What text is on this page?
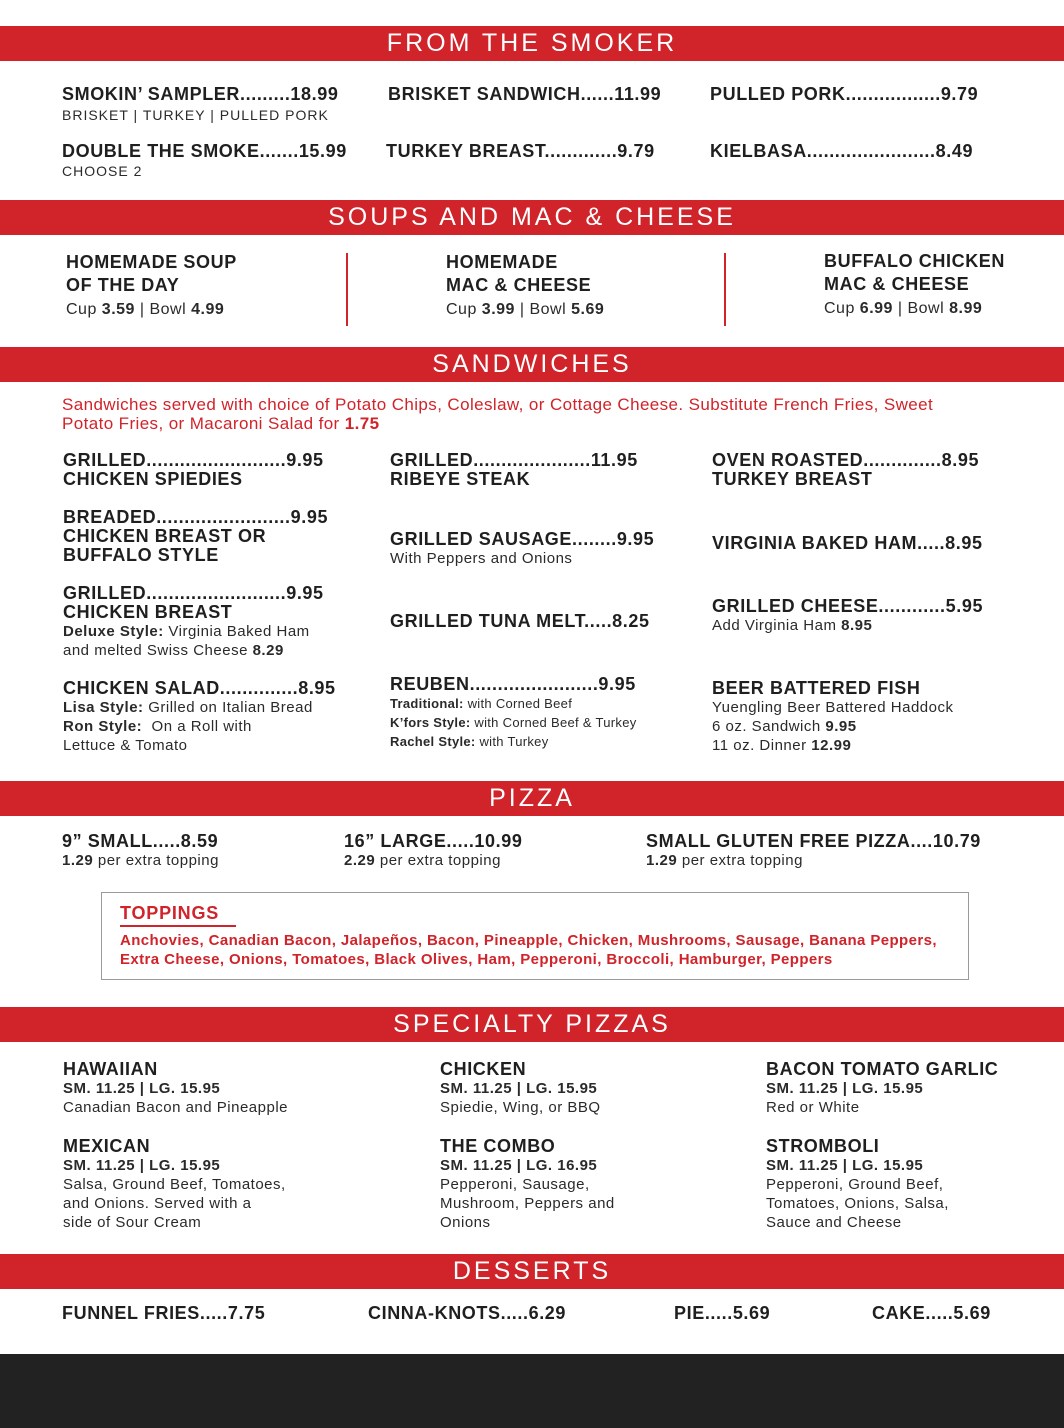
FROM THE SMOKER
SMOKIN’ SAMPLER.........18.99
BRISKET | TURKEY | PULLED PORK
BRISKET SANDWICH......11.99	PULLED PORK.................9.79
DOUBLE THE SMOKE.......15.99
CHOOSE 2
TURKEY BREAST.............9.79	KIELBASA.......................8.49
SOUPS AND MAC & CHEESE
HOMEMADE SOUP
OF THE DAY
Cup 3.59 | Bowl 4.99
HOMEMADE
MAC & CHEESE
Cup 3.99 | Bowl 5.69
BUFFALO CHICKEN
MAC & CHEESE
Cup 6.99 | Bowl 8.99
SANDWICHES
Sandwiches served with choice of Potato Chips, Coleslaw, or Cottage Cheese. Substitute French Fries, Sweet
Potato Fries, or Macaroni Salad for 1.75
GRILLED.........................9.95
CHICKEN SPIEDIES
BREADED........................9.95
CHICKEN BREAST OR
BUFFALO STYLE
GRILLED.........................9.95
CHICKEN BREAST
Deluxe Style: Virginia Baked Ham
and melted Swiss Cheese 8.29
CHICKEN SALAD..............8.95
Lisa Style: Grilled on Italian Bread
Ron Style:  On a Roll with
Lettuce & Tomato
GRILLED.....................11.95
RIBEYE STEAK
GRILLED SAUSAGE........9.95
With Peppers and Onions
GRILLED TUNA MELT.....8.25
REUBEN.......................9.95
Traditional: with Corned Beef
K’fors Style: with Corned Beef & Turkey
Rachel Style: with Turkey
OVEN ROASTED..............8.95
TURKEY BREAST
VIRGINIA BAKED HAM.....8.95
GRILLED CHEESE............5.95
Add Virginia Ham 8.95
BEER BATTERED FISH
Yuengling Beer Battered Haddock
6 oz. Sandwich 9.95
11 oz. Dinner 12.99
PIZZA
9” SMALL.....8.59
1.29 per extra topping
16” LARGE.....10.99
2.29 per extra topping
SMALL GLUTEN FREE PIZZA....10.79
1.29 per extra topping
TOPPINGS
Anchovies, Canadian Bacon, Jalapeños, Bacon, Pineapple, Chicken, Mushrooms, Sausage, Banana Peppers,
Extra Cheese, Onions, Tomatoes, Black Olives, Ham, Pepperoni, Broccoli, Hamburger, Peppers
SPECIALTY PIZZAS
HAWAIIAN
SM. 11.25 | LG. 15.95
Canadian Bacon and Pineapple
CHICKEN
SM. 11.25 | LG. 15.95
Spiedie, Wing, or BBQ
BACON TOMATO GARLIC
SM. 11.25 | LG. 15.95
Red or White
MEXICAN
SM. 11.25 | LG. 15.95
Salsa, Ground Beef, Tomatoes,
and Onions. Served with a
side of Sour Cream
THE COMBO
SM. 11.25 | LG. 16.95
Pepperoni, Sausage,
Mushroom, Peppers and
Onions
STROMBOLI
SM. 11.25 | LG. 15.95
Pepperoni, Ground Beef,
Tomatoes, Onions, Salsa,
Sauce and Cheese
DESSERTS
FUNNEL FRIES.....7.75	CINNA-KNOTS.....6.29	PIE.....5.69	CAKE.....5.69
